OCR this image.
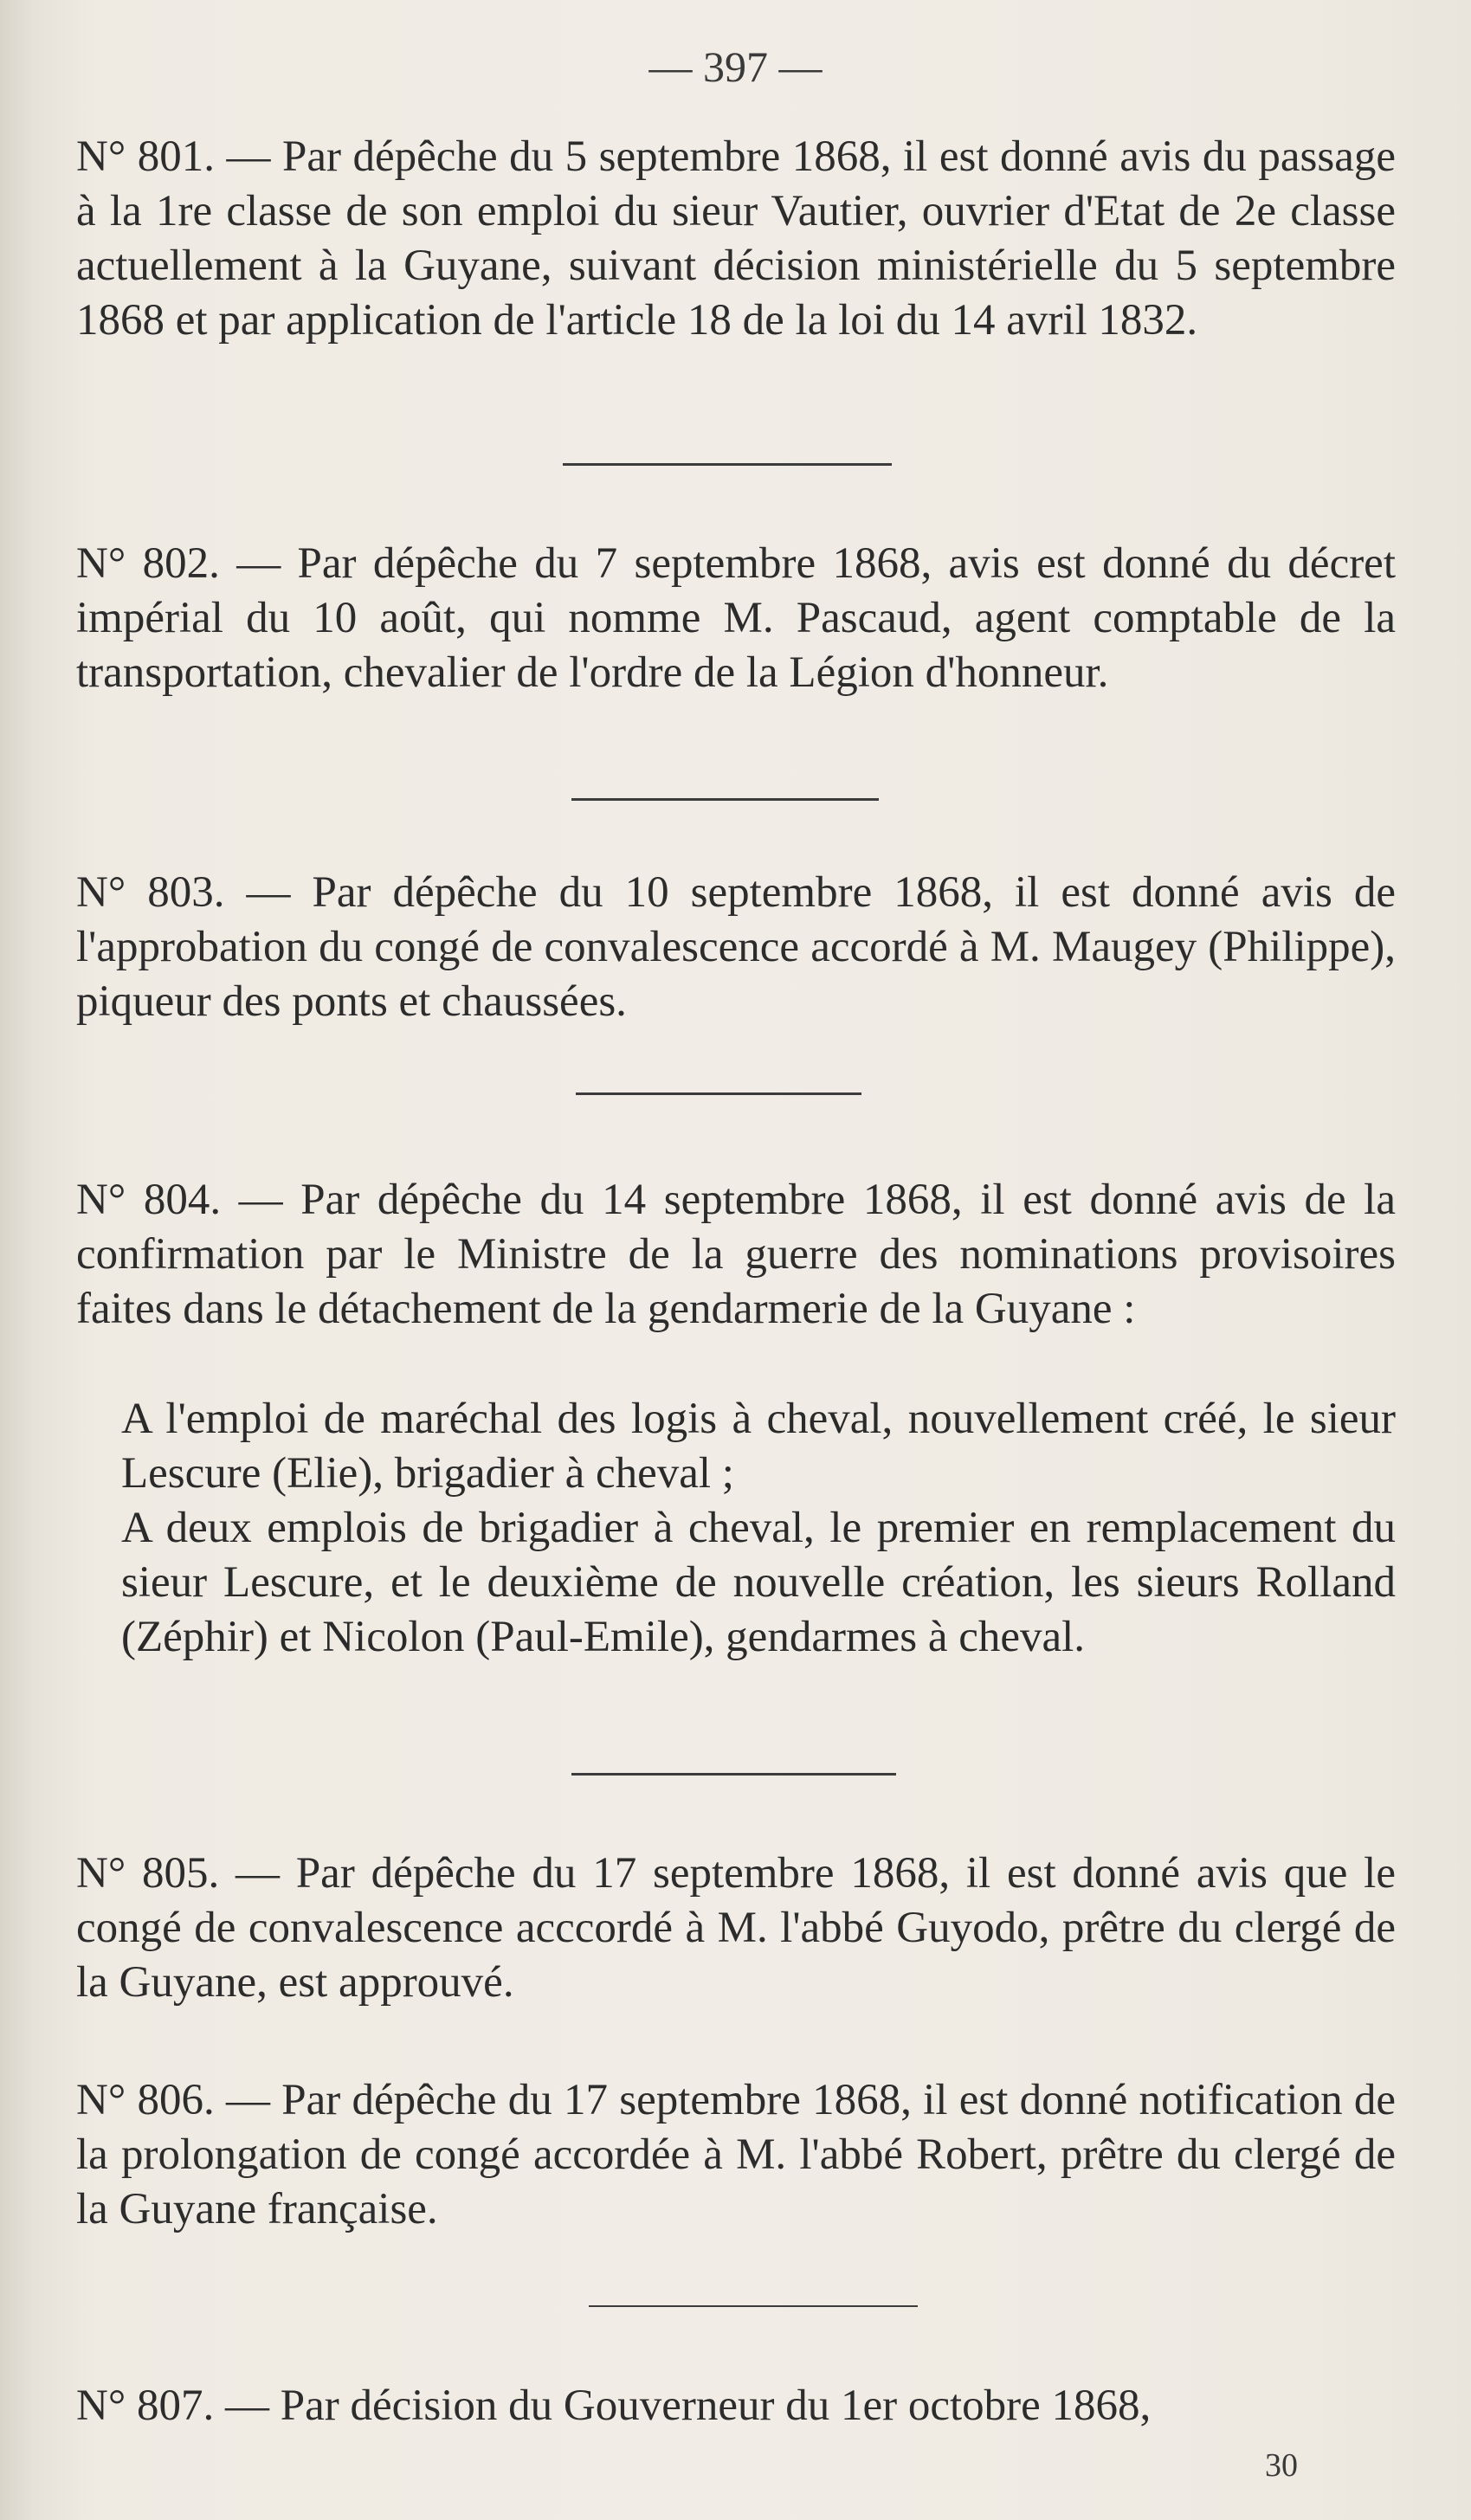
— 397 —

N° 801. — Par dépêche du 5 septembre 1868, il est donné avis du passage à la 1re classe de son emploi du sieur Vautier, ouvrier d'Etat de 2e classe actuellement à la Guyane, suivant décision ministérielle du 5 septembre 1868 et par application de l'article 18 de la loi du 14 avril 1832.

N° 802. — Par dépêche du 7 septembre 1868, avis est donné du décret impérial du 10 août, qui nomme M. Pascaud, agent comptable de la transportation, chevalier de l'ordre de la Légion d'honneur.

N° 803. — Par dépêche du 10 septembre 1868, il est donné avis de l'approbation du congé de convalescence accordé à M. Maugey (Philippe), piqueur des ponts et chaussées.

N° 804. — Par dépêche du 14 septembre 1868, il est donné avis de la confirmation par le Ministre de la guerre des nominations provisoires faites dans le détachement de la gendarmerie de la Guyane :

A l'emploi de maréchal des logis à cheval, nouvellement créé, le sieur Lescure (Elie), brigadier à cheval ;

A deux emplois de brigadier à cheval, le premier en remplacement du sieur Lescure, et le deuxième de nouvelle création, les sieurs Rolland (Zéphir) et Nicolon (Paul-Emile), gendarmes à cheval.

N° 805. — Par dépêche du 17 septembre 1868, il est donné avis que le congé de convalescence acccordé à M. l'abbé Guyodo, prêtre du clergé de la Guyane, est approuvé.

N° 806. — Par dépêche du 17 septembre 1868, il est donné notification de la prolongation de congé accordée à M. l'abbé Robert, prêtre du clergé de la Guyane française.

N° 807. — Par décision du Gouverneur du 1er octobre 1868,

30
